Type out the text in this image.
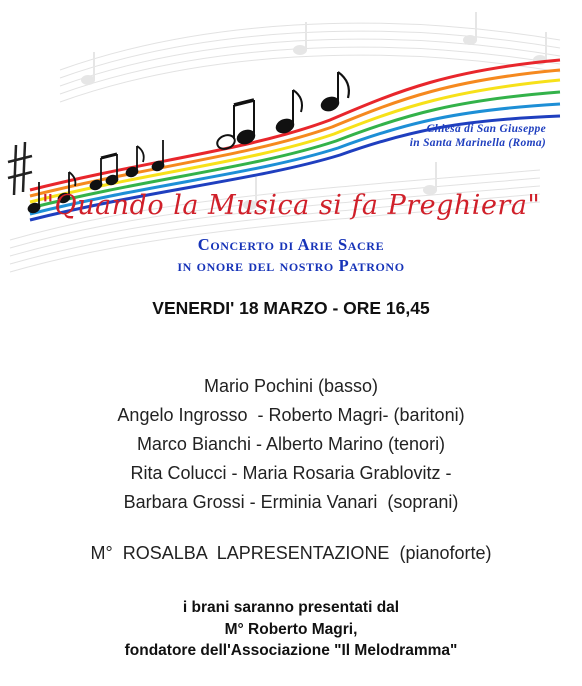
Chiesa di San Giuseppe
in Santa Marinella (Roma)
"Quando la Musica si fa Preghiera"
Concerto di Arie Sacre
in onore del nostro Patrono
VENERDI' 18 MARZO - ORE 16,45
Mario Pochini (basso)
Angelo Ingrosso  - Roberto Magri- (baritoni)
Marco Bianchi - Alberto Marino (tenori)
Rita Colucci - Maria Rosaria Grablovitz -
Barbara Grossi - Erminia Vanari  (soprani)
M°  ROSALBA  LAPRESENTAZIONE  (pianoforte)
i brani saranno presentati dal
M° Roberto Magri,
fondatore dell'Associazione "Il Melodramma"
